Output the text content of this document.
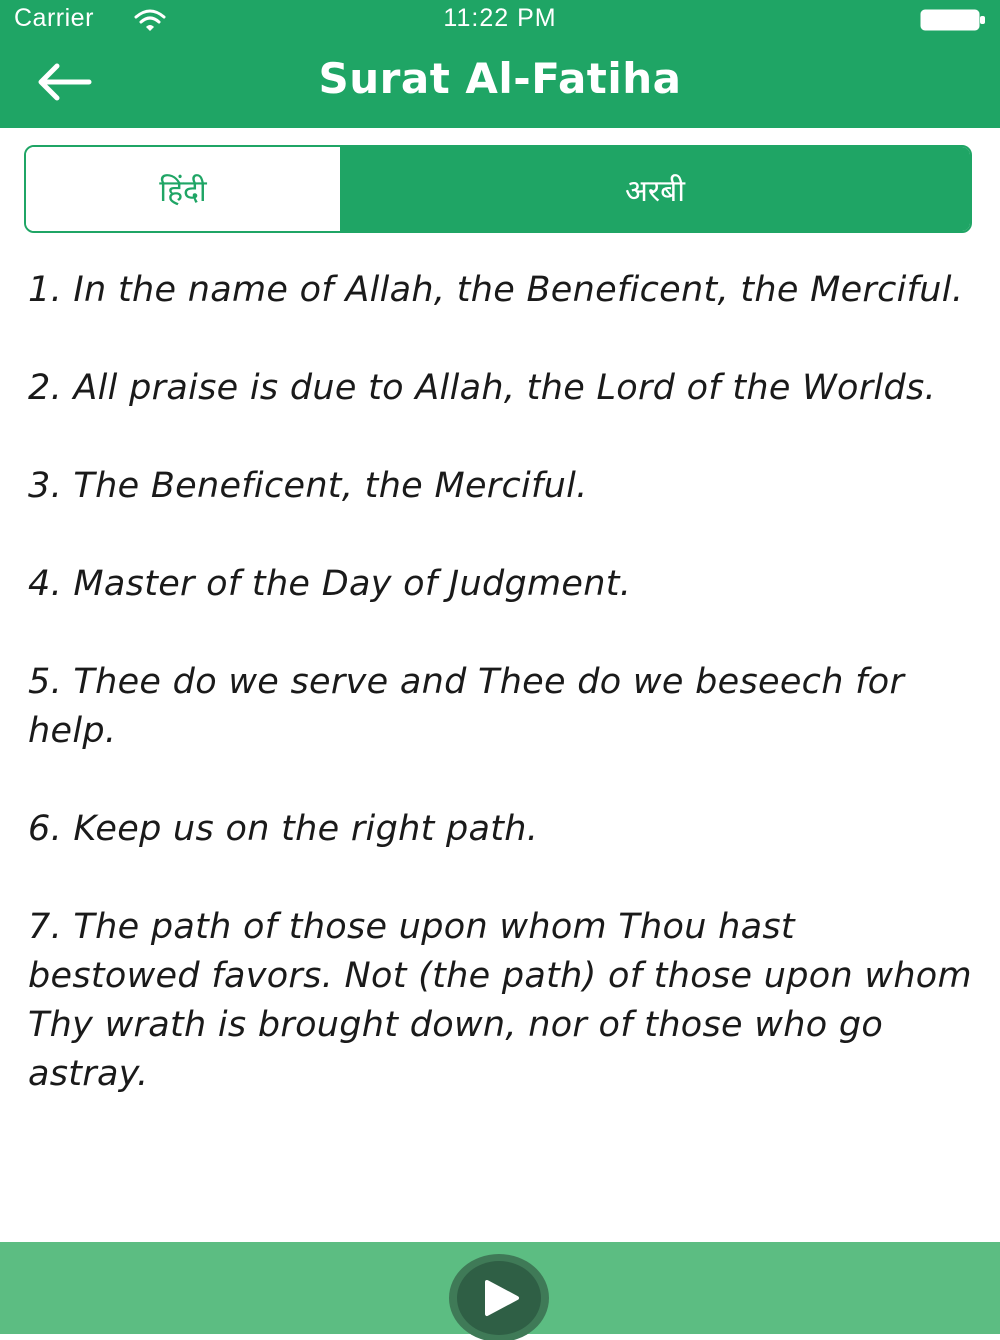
Carrier	11:22 PM
Surat Al-Fatiha
हिंदी	अरबी

1. In the name of Allah, the Beneficent, the Merciful.

2. All praise is due to Allah, the Lord of the Worlds.

3. The Beneficent, the Merciful.

4. Master of the Day of Judgment.

5. Thee do we serve and Thee do we beseech for help.

6. Keep us on the right path.

7. The path of those upon whom Thou hast bestowed favors. Not (the path) of those upon whom Thy wrath is brought down, nor of those who go astray.
